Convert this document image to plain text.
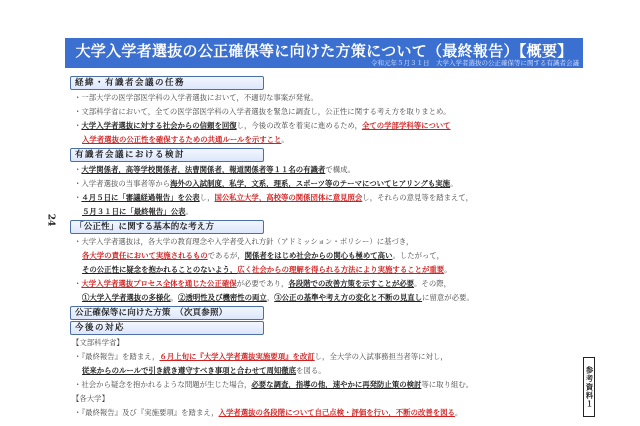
24
大学入学者選抜の公正確保等に向けた方策について（最終報告）【概要】
令和元年５月３１日　大学入学者選抜の公正確保等に関する有識者会議
経緯・有識者会議の任務
・一部大学の医学部医学科の入学者選抜において，不適切な事案が発覚。
・文部科学省において，全ての医学部医学科の入学者選抜を緊急に調査し，公正性に関する考え方を取りまとめ。
・大学入学者選抜に対する社会からの信頼を回復し，今後の改革を着実に進めるため，全ての学部学科等について
入学者選抜の公正性を確保するための共通ルールを示すこと。
有識者会議における検討
・大学関係者，高等学校関係者，法曹関係者，報道関係者等１１名の有識者で構成。
・入学者選抜の当事者等から海外の入試制度，私学，文系，理系，スポーツ等のテーマについてヒアリングも実施。
・４月５日に「審議経過報告」を公表し，国公私立大学，高校等の関係団体に意見照会し，それらの意見等を踏まえて，
５月３１日に「最終報告」公表。
「公正性」に関する基本的な考え方
・大学入学者選抜は，各大学の教育理念や入学者受入れ方針（アドミッション・ポリシー）に基づき，
各大学の責任において実施されるものであるが，関係者をはじめ社会からの関心も極めて高い。したがって，
その公正性に疑念を抱かれることのないよう，広く社会からの理解を得られる方法により実施することが重要。
・大学入学者選抜プロセス全体を通じた公正確保が必要であり，各段階での改善方策を示すことが必要。その際，
①大学入学者選抜の多様化，②透明性及び機密性の両立，③公正の基準や考え方の変化と不断の見直しに留意が必要。
公正確保等に向けた方策　（次頁参照）
今後の対応
【文部科学省】
・『最終報告』を踏まえ，６月上旬に『大学入学者選抜実施要項』を改訂し，全大学の入試事務担当者等に対し，
従来からのルールで引き続き遵守すべき事項と合わせて周知徹底を図る。
・社会から疑念を抱かれるような問題が生じた場合，必要な調査，指導の他，速やかに再発防止策の検討等に取り組む。
【各大学】
・『最終報告』及び『実施要項』を踏まえ，入学者選抜の各段階について自己点検・評価を行い，不断の改善を図る。
参考資料１
